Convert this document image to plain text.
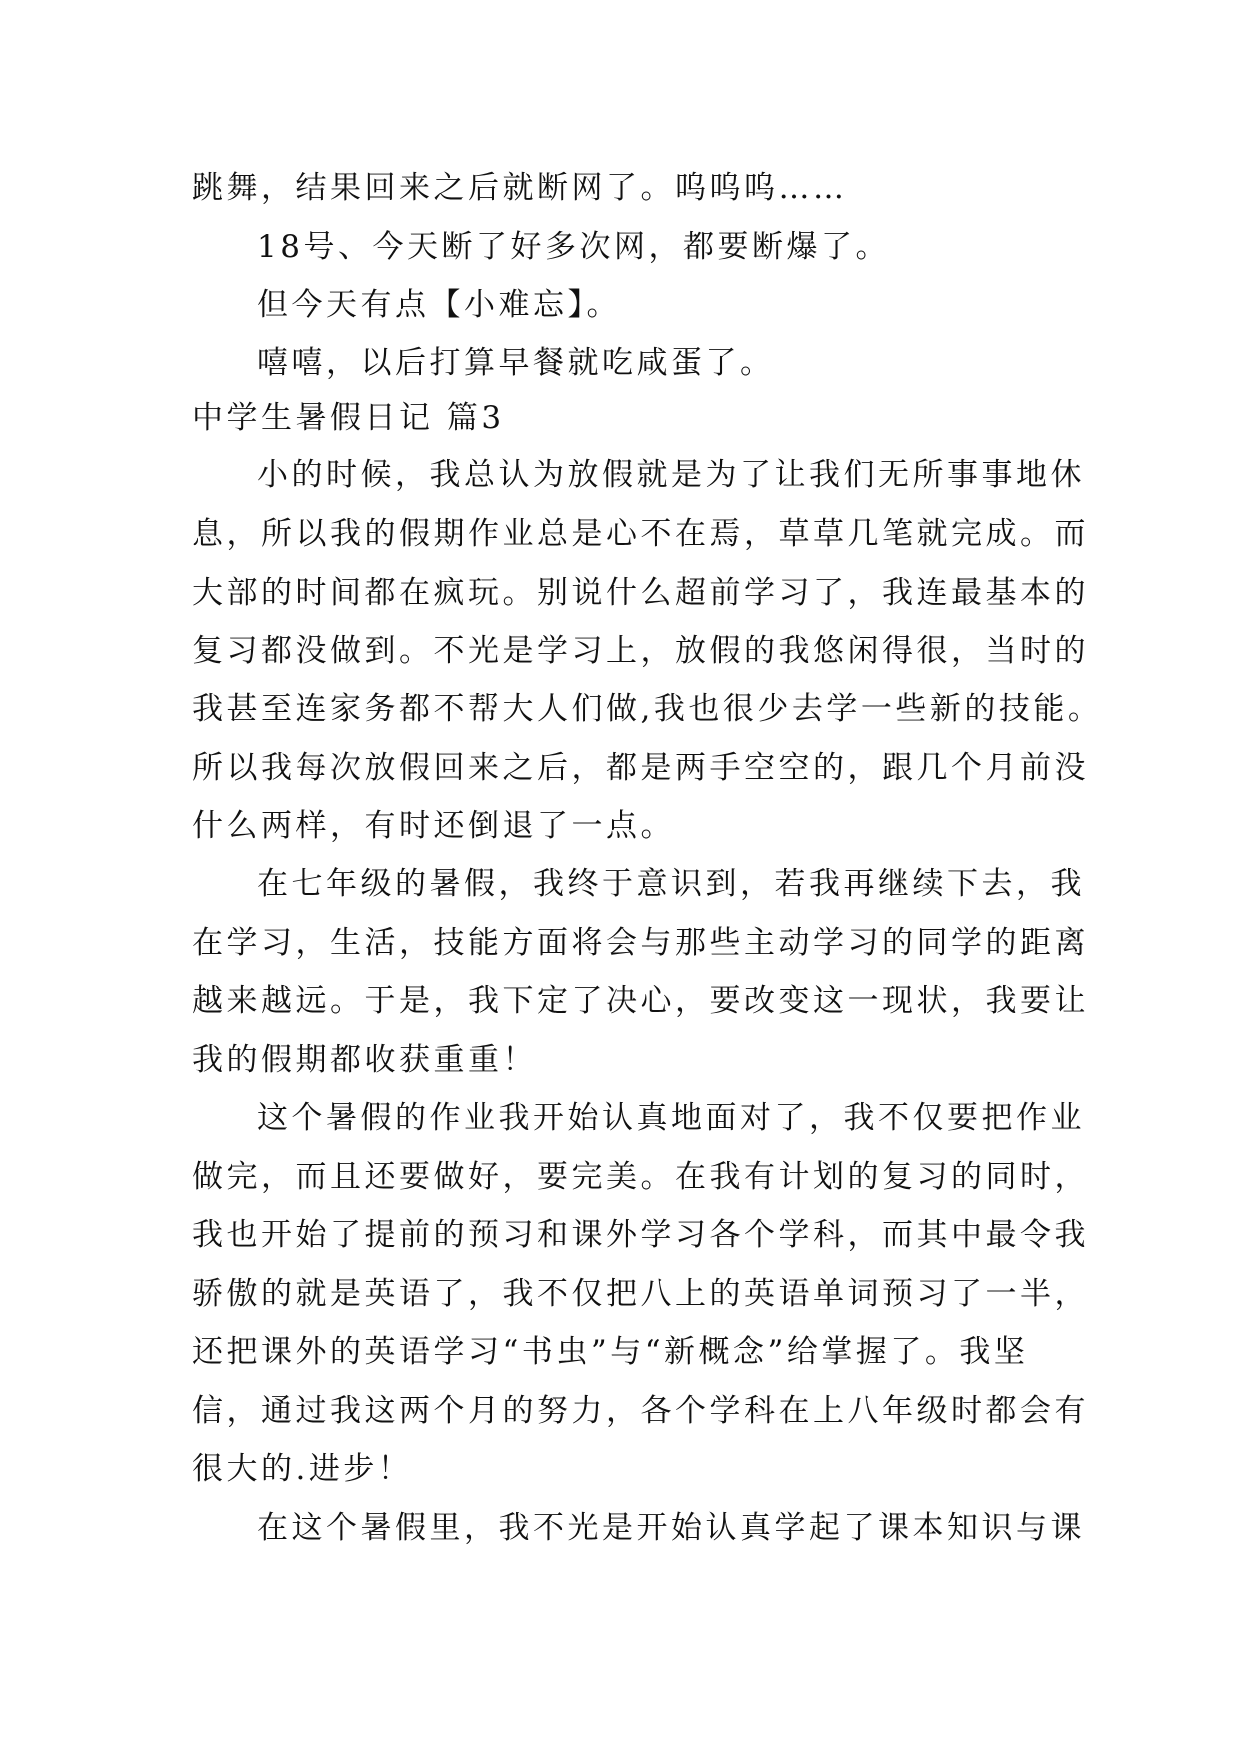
跳舞，结果回来之后就断网了。呜呜呜……
18号、今天断了好多次网，都要断爆了。
但今天有点【小难忘】。
嘻嘻，以后打算早餐就吃咸蛋了。
中学生暑假日记 篇3
小的时候，我总认为放假就是为了让我们无所事事地休
息，所以我的假期作业总是心不在焉，草草几笔就完成。而
大部的时间都在疯玩。别说什么超前学习了，我连最基本的
复习都没做到。不光是学习上，放假的我悠闲得很，当时的
我甚至连家务都不帮大人们做,我也很少去学一些新的技能。
所以我每次放假回来之后，都是两手空空的，跟几个月前没
什么两样，有时还倒退了一点。
在七年级的暑假，我终于意识到，若我再继续下去，我
在学习，生活，技能方面将会与那些主动学习的同学的距离
越来越远。于是，我下定了决心，要改变这一现状，我要让
我的假期都收获重重！
这个暑假的作业我开始认真地面对了，我不仅要把作业
做完，而且还要做好，要完美。在我有计划的复习的同时，
我也开始了提前的预习和课外学习各个学科，而其中最令我
骄傲的就是英语了，我不仅把八上的英语单词预习了一半，
还把课外的英语学习“书虫”与“新概念”给掌握了。我坚
信，通过我这两个月的努力，各个学科在上八年级时都会有
很大的.进步！
在这个暑假里，我不光是开始认真学起了课本知识与课
